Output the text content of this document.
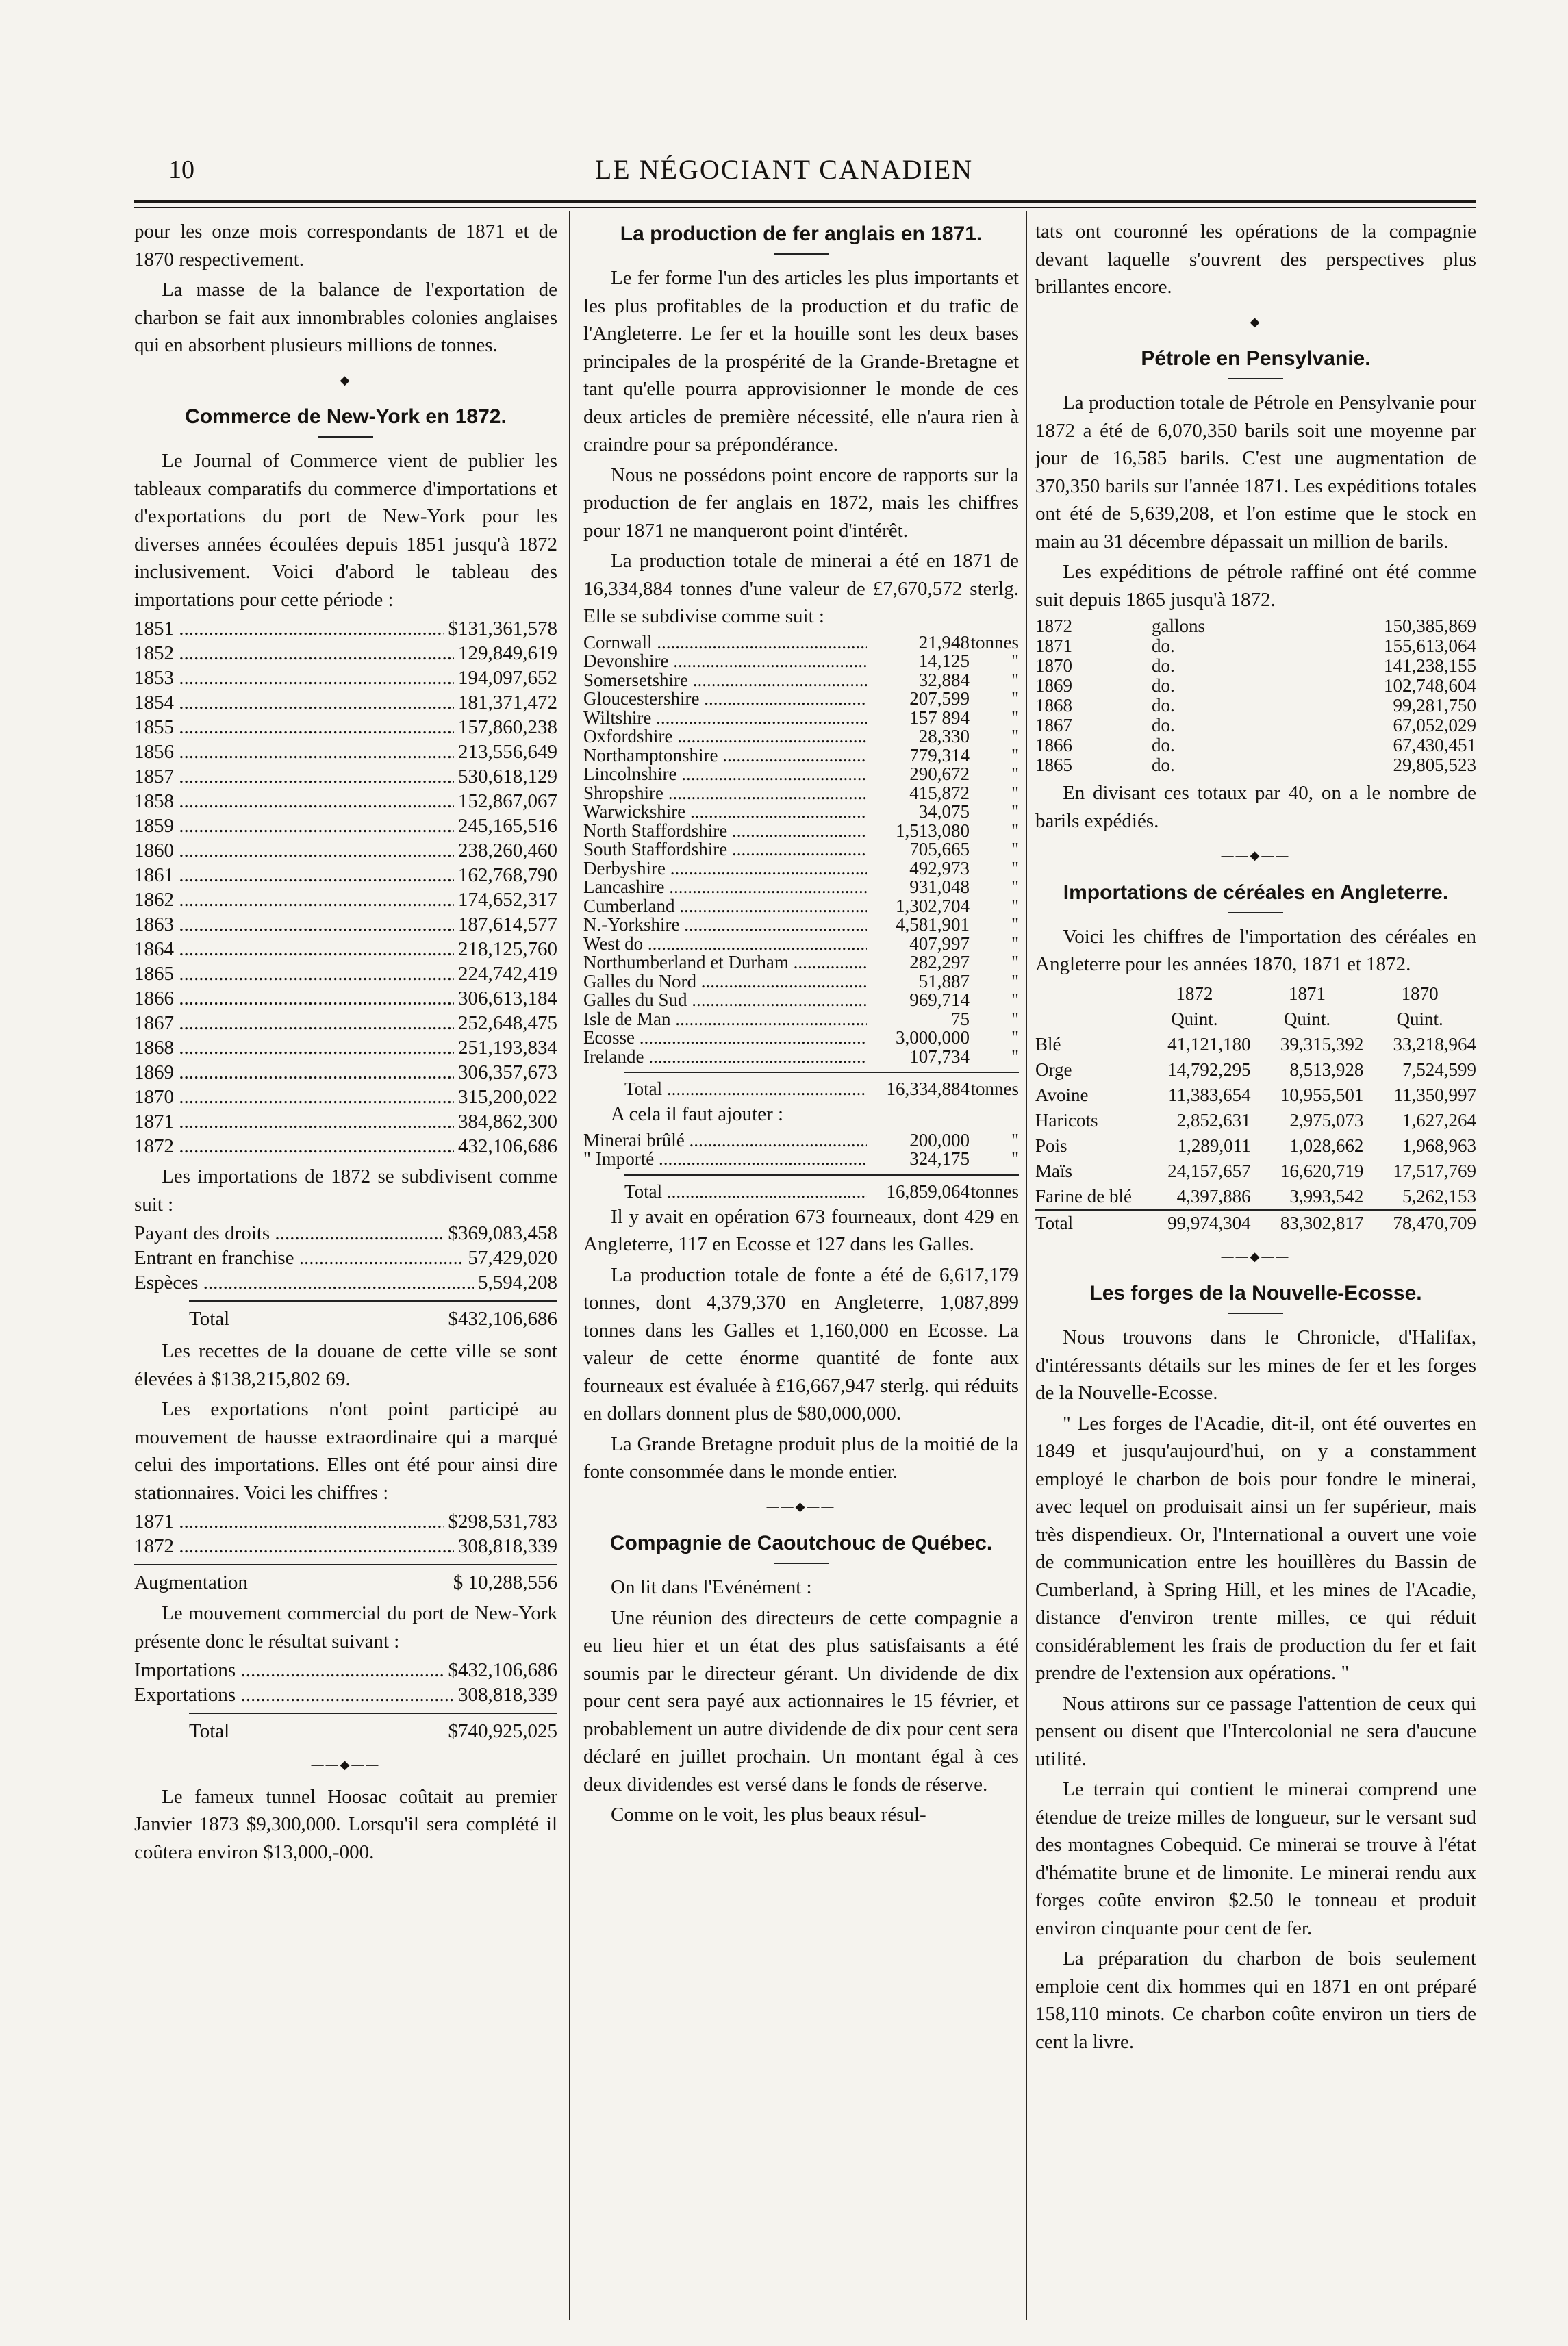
10	LE NÉGOCIANT CANADIEN

pour les onze mois correspondants de 1871 et de 1870 respectivement.

La masse de la balance de l'exportation de charbon se fait aux innombrables colonies anglaises qui en absorbent plusieurs millions de tonnes.

——◆——
Commerce de New-York en 1872.

Le Journal of Commerce vient de publier les tableaux comparatifs du commerce d'importations et d'exportations du port de New-York pour les diverses années écoulées depuis 1851 jusqu'à 1872 inclusivement. Voici d'abord le tableau des importations pour cette période :

1851 .....	$131,361,578
1852 .....	129,849,619
1853 .....	194,097,652
1854 .....	181,371,472
1855 .....	157,860,238
1856 .....	213,556,649
1857 .....	530,618,129
1858 .....	152,867,067
1859 .....	245,165,516
1860 .....	238,260,460
1861 .....	162,768,790
1862 .....	174,652,317
1863 .....	187,614,577
1864 .....	218,125,760
1865 .....	224,742,419
1866 .....	306,613,184
1867 .....	252,648,475
1868 .....	251,193,834
1869 .....	306,357,673
1870 .....	315,200,022
1871 .....	384,862,300
1872 .....	432,106,686

Les importations de 1872 se subdivisent comme suit :

Payant des droits .....	$369,083,458
Entrant en franchise .....	57,429,020
Espèces .....	5,594,208
Total	$432,106,686

Les recettes de la douane de cette ville se sont élevées à $138,215,802 69.

Les exportations n'ont point participé au mouvement de hausse extraordinaire qui a marqué celui des importations. Elles ont été pour ainsi dire stationnaires. Voici les chiffres :

1871 .....	$298,531,783
1872 .....	308,818,339
Augmentation	$ 10,288,556

Le mouvement commercial du port de New-York présente donc le résultat suivant :

Importations .....	$432,106,686
Exportations .....	308,818,339
Total	$740,925,025
——◆——

Le fameux tunnel Hoosac coûtait au premier Janvier 1873 $9,300,000. Lorsqu'il sera complété il coûtera environ $13,000,-000.

La production de fer anglais en 1871.

Le fer forme l'un des articles les plus importants et les plus profitables de la production et du trafic de l'Angleterre. Le fer et la houille sont les deux bases principales de la prospérité de la Grande-Bretagne et tant qu'elle pourra approvisionner le monde de ces deux articles de première nécessité, elle n'aura rien à craindre pour sa prépondérance.

Nous ne possédons point encore de rapports sur la production de fer anglais en 1872, mais les chiffres pour 1871 ne manqueront point d'intérêt.

La production totale de minerai a été en 1871 de 16,334,884 tonnes d'une valeur de £7,670,572 sterlg. Elle se subdivise comme suit :

Cornwall .....	21,948 tonnes
Devonshire .....	14,125	"
Somersetshire .....	32,884	"
Gloucestershire .....	207,599	"
Wiltshire .....	157 894	"
Oxfordshire .....	28,330	"
Northamptonshire .....	779,314	"
Lincolnshire .....	290,672	"
Shropshire .....	415,872	"
Warwickshire .....	34,075	"
North Staffordshire .....	1,513,080	"
South Staffordshire .....	705,665	"
Derbyshire .....	492,973	"
Lancashire .....	931,048	"
Cumberland .....	1,302,704	"
N.-Yorkshire .....	4,581,901	"
West do .....	407,997	"
Northumberland et Durham .....	282,297	"
Galles du Nord .....	51,887	"
Galles du Sud .....	969,714	"
Isle de Man .....	75	"
Ecosse .....	3,000,000	"
Irelande .....	107,734	"
Total .....	16,334,884 tonnes

A cela il faut ajouter :

Minerai brûlé .....	200,000	"
" Importé .....	324,175	"
Total .....	16,859,064 tonnes

Il y avait en opération 673 fourneaux, dont 429 en Angleterre, 117 en Ecosse et 127 dans les Galles.

La production totale de fonte a été de 6,617,179 tonnes, dont 4,379,370 en Angleterre, 1,087,899 tonnes dans les Galles et 1,160,000 en Ecosse. La valeur de cette énorme quantité de fonte aux fourneaux est évaluée à £16,667,947 sterlg. qui réduits en dollars donnent plus de $80,000,000.

La Grande Bretagne produit plus de la moitié de la fonte consommée dans le monde entier.

——◆——
Compagnie de Caoutchouc de Québec.

On lit dans l'Evénément :

Une réunion des directeurs de cette compagnie a eu lieu hier et un état des plus satisfaisants a été soumis par le directeur gérant. Un dividende de dix pour cent sera payé aux actionnaires le 15 février, et probablement un autre dividende de dix pour cent sera déclaré en juillet prochain. Un montant égal à ces deux dividendes est versé dans le fonds de réserve.

Comme on le voit, les plus beaux résul-

tats ont couronné les opérations de la compagnie devant laquelle s'ouvrent des perspectives plus brillantes encore.

——◆——
Pétrole en Pensylvanie.

La production totale de Pétrole en Pensylvanie pour 1872 a été de 6,070,350 barils soit une moyenne par jour de 16,585 barils. C'est une augmentation de 370,350 barils sur l'année 1871. Les expéditions totales ont été de 5,639,208, et l'on estime que le stock en main au 31 décembre dépassait un million de barils.

Les expéditions de pétrole raffiné ont été comme suit depuis 1865 jusqu'à 1872.

1872	gallons	150,385,869
1871	do.	155,613,064
1870	do.	141,238,155
1869	do.	102,748,604
1868	do.	99,281,750
1867	do.	67,052,029
1866	do.	67,430,451
1865	do.	29,805,523

En divisant ces totaux par 40, on a le nombre de barils expédiés.

——◆——
Importations de céréales en Angleterre.

Voici les chiffres de l'importation des céréales en Angleterre pour les années 1870, 1871 et 1872.

	1872	1871	1870
	Quint.	Quint.	Quint.
Blé	41,121,180	39,315,392	33,218,964
Orge	14,792,295	8,513,928	7,524,599
Avoine	11,383,654	10,955,501	11,350,997
Haricots	2,852,631	2,975,073	1,627,264
Pois	1,289,011	1,028,662	1,968,963
Maïs	24,157,657	16,620,719	17,517,769
Farine de blé	4,397,886	3,993,542	5,262,153
Total	99,974,304	83,302,817	78,470,709
——◆——
Les forges de la Nouvelle-Ecosse.

Nous trouvons dans le Chronicle, d'Halifax, d'intéressants détails sur les mines de fer et les forges de la Nouvelle-Ecosse.

" Les forges de l'Acadie, dit-il, ont été ouvertes en 1849 et jusqu'aujourd'hui, on y a constamment employé le charbon de bois pour fondre le minerai, avec lequel on produisait ainsi un fer supérieur, mais très dispendieux. Or, l'International a ouvert une voie de communication entre les houillères du Bassin de Cumberland, à Spring Hill, et les mines de l'Acadie, distance d'environ trente milles, ce qui réduit considérablement les frais de production du fer et fait prendre de l'extension aux opérations. "

Nous attirons sur ce passage l'attention de ceux qui pensent ou disent que l'Intercolonial ne sera d'aucune utilité.

Le terrain qui contient le minerai comprend une étendue de treize milles de longueur, sur le versant sud des montagnes Cobequid. Ce minerai se trouve à l'état d'hématite brune et de limonite. Le minerai rendu aux forges coûte environ $2.50 le tonneau et produit environ cinquante pour cent de fer.

La préparation du charbon de bois seulement emploie cent dix hommes qui en 1871 en ont préparé 158,110 minots. Ce charbon coûte environ un tiers de cent la livre.
